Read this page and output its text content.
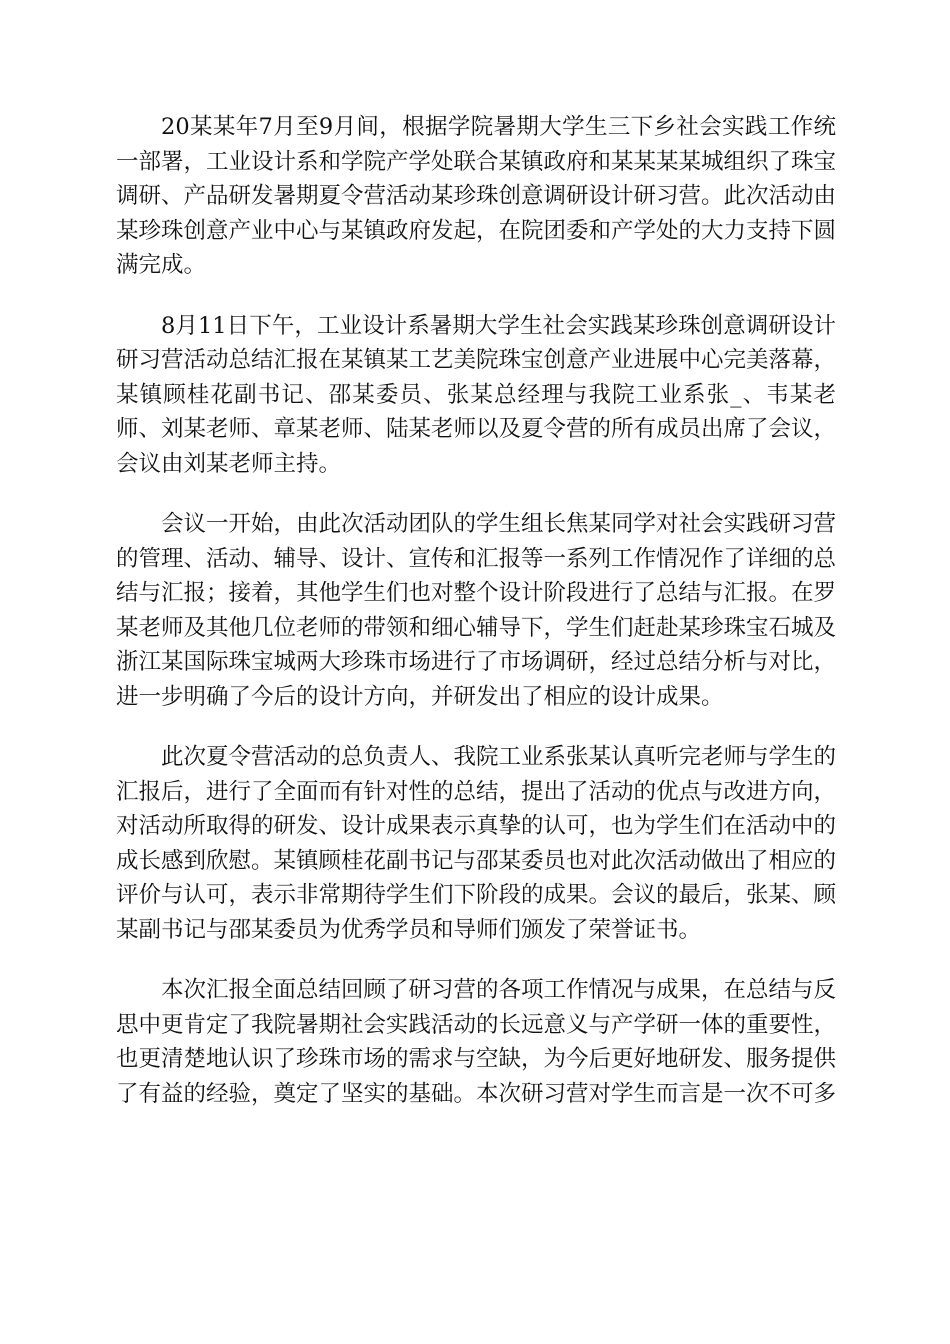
20某某年7月至9月间，根据学院暑期大学生三下乡社会实践工作统一部署，工业设计系和学院产学处联合某镇政府和某某某某城组织了珠宝调研、产品研发暑期夏令营活动某珍珠创意调研设计研习营。此次活动由某珍珠创意产业中心与某镇政府发起，在院团委和产学处的大力支持下圆满完成。

8月11日下午，工业设计系暑期大学生社会实践某珍珠创意调研设计研习营活动总结汇报在某镇某工艺美院珠宝创意产业进展中心完美落幕，某镇顾桂花副书记、邵某委员、张某总经理与我院工业系张_、韦某老师、刘某老师、章某老师、陆某老师以及夏令营的所有成员出席了会议，会议由刘某老师主持。

会议一开始，由此次活动团队的学生组长焦某同学对社会实践研习营的管理、活动、辅导、设计、宣传和汇报等一系列工作情况作了详细的总结与汇报；接着，其他学生们也对整个设计阶段进行了总结与汇报。在罗某老师及其他几位老师的带领和细心辅导下，学生们赶赴某珍珠宝石城及浙江某国际珠宝城两大珍珠市场进行了市场调研，经过总结分析与对比，进一步明确了今后的设计方向，并研发出了相应的设计成果。

此次夏令营活动的总负责人、我院工业系张某认真听完老师与学生的汇报后，进行了全面而有针对性的总结，提出了活动的优点与改进方向，对活动所取得的研发、设计成果表示真挚的认可，也为学生们在活动中的成长感到欣慰。某镇顾桂花副书记与邵某委员也对此次活动做出了相应的评价与认可，表示非常期待学生们下阶段的成果。会议的最后，张某、顾某副书记与邵某委员为优秀学员和导师们颁发了荣誉证书。

本次汇报全面总结回顾了研习营的各项工作情况与成果，在总结与反思中更肯定了我院暑期社会实践活动的长远意义与产学研一体的重要性，也更清楚地认识了珍珠市场的需求与空缺，为今后更好地研发、服务提供了有益的经验，奠定了坚实的基础。本次研习营对学生而言是一次不可多
